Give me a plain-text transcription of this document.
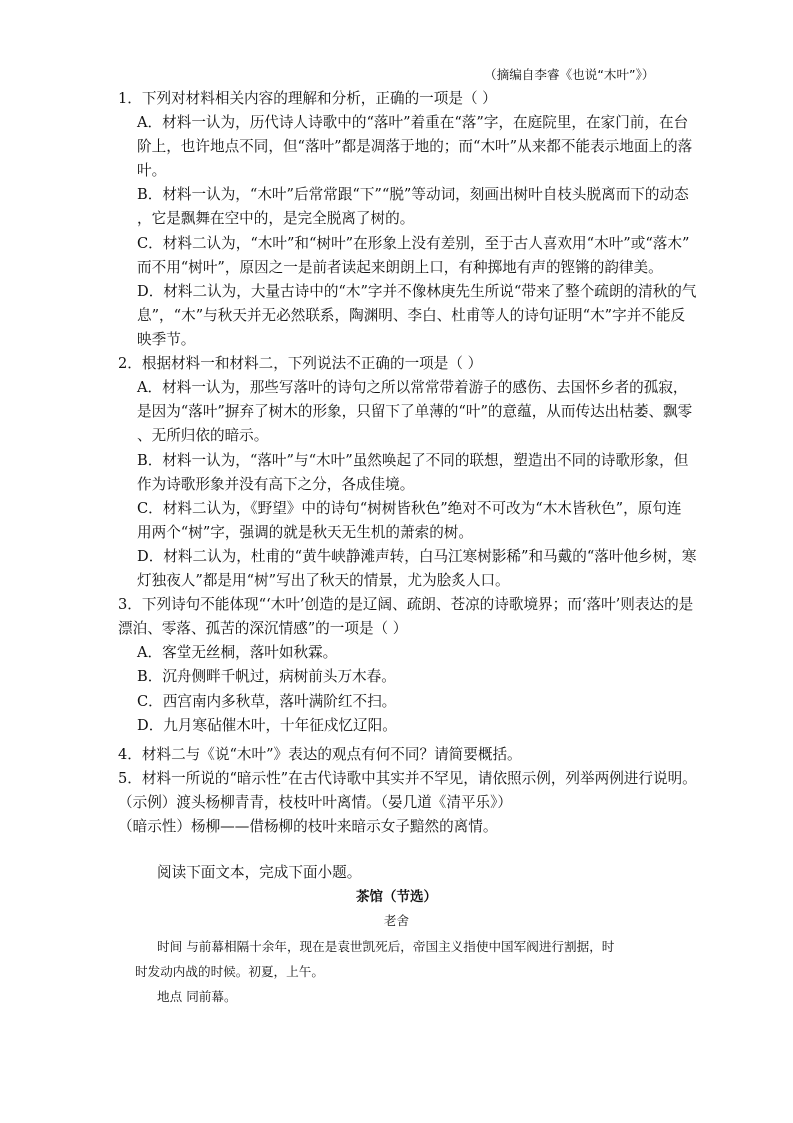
（摘编自李睿《也说“木叶”》）
1．下列对材料相关内容的理解和分析，正确的一项是（ ）
A．材料一认为，历代诗人诗歌中的“落叶”着重在“落”字，在庭院里，在家门前，在台
阶上，也许地点不同，但“落叶”都是凋落于地的；而“木叶”从来都不能表示地面上的落
叶。
B．材料一认为，“木叶”后常常跟“下”“脱”等动词，刻画出树叶自枝头脱离而下的动态
，它是飘舞在空中的，是完全脱离了树的。
C．材料二认为，“木叶”和“树叶”在形象上没有差别，至于古人喜欢用“木叶”或“落木”
而不用“树叶”，原因之一是前者读起来朗朗上口，有种掷地有声的铿锵的韵律美。
D．材料二认为，大量古诗中的“木”字并不像林庚先生所说“带来了整个疏朗的清秋的气
息”，“木”与秋天并无必然联系，陶渊明、李白、杜甫等人的诗句证明“木”字并不能反
映季节。
2．根据材料一和材料二，下列说法不正确的一项是（ ）
A．材料一认为，那些写落叶的诗句之所以常常带着游子的感伤、去国怀乡者的孤寂，
是因为“落叶”摒弃了树木的形象，只留下了单薄的“叶”的意蕴，从而传达出枯萎、飘零
、无所归依的暗示。
B．材料一认为，“落叶”与“木叶”虽然唤起了不同的联想，塑造出不同的诗歌形象，但
作为诗歌形象并没有高下之分，各成佳境。
C．材料二认为，《野望》中的诗句“树树皆秋色”绝对不可改为“木木皆秋色”，原句连
用两个“树”字，强调的就是秋天无生机的萧索的树。
D．材料二认为，杜甫的“黄牛峡静滩声转，白马江寒树影稀”和马戴的“落叶他乡树，寒
灯独夜人”都是用“树”写出了秋天的情景，尤为脍炙人口。
3．下列诗句不能体现“‘木叶’创造的是辽阔、疏朗、苍凉的诗歌境界；而‘落叶’则表达的是
漂泊、零落、孤苦的深沉情感”的一项是（ ）
A．客堂无丝桐，落叶如秋霖。
B．沉舟侧畔千帆过，病树前头万木春。
C．西宫南内多秋草，落叶满阶红不扫。
D．九月寒砧催木叶，十年征戍忆辽阳。
4．材料二与《说“木叶”》表达的观点有何不同？请简要概括。
5．材料一所说的“暗示性”在古代诗歌中其实并不罕见，请依照示例，列举两例进行说明。
（示例）渡头杨柳青青，枝枝叶叶离情。（晏几道《清平乐》）
（暗示性）杨柳——借杨柳的枝叶来暗示女子黯然的离情。
阅读下面文本，完成下面小题。
茶馆（节选）
老舍
时间 与前幕相隔十余年，现在是袁世凯死后，帝国主义指使中国军阀进行割据，时
时发动内战的时候。初夏，上午。
地点 同前幕。
